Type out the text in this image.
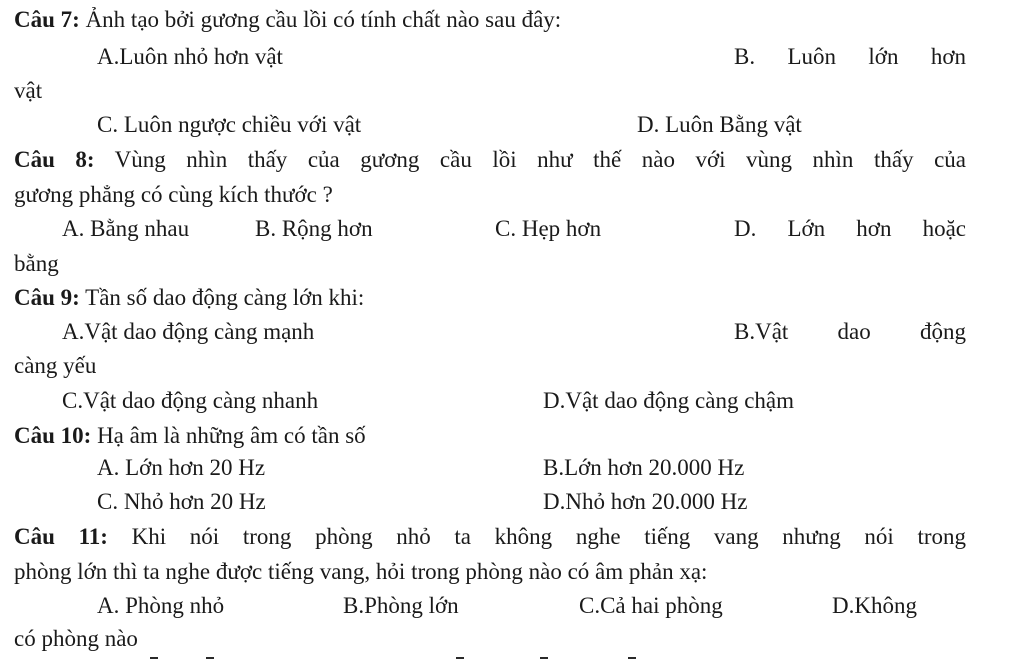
Câu 7: Ảnh tạo bởi gương cầu lồi có tính chất nào sau đây:
A.Luôn nhỏ hơn vật	B. Luôn lớn hơn
vật
C. Luôn ngược chiều với vật	D. Luôn Bằng vật
Câu 8: Vùng nhìn thấy của gương cầu lồi như thế nào với vùng nhìn thấy của
gương phẳng có cùng kích thước ?
A. Bằng nhau	B. Rộng hơn	C. Hẹp hơn	D. Lớn hơn hoặc
bằng
Câu 9: Tần số dao động càng lớn khi:
A.Vật dao động càng mạnh	B.Vật dao động
càng yếu
C.Vật dao động càng nhanh	D.Vật dao động càng chậm
Câu 10: Hạ âm là những âm có tần số
A. Lớn hơn 20 Hz	B.Lớn hơn 20.000 Hz
C. Nhỏ hơn 20 Hz	D.Nhỏ hơn 20.000 Hz
Câu 11: Khi nói trong phòng nhỏ ta không nghe tiếng vang nhưng nói trong
phòng lớn thì ta nghe được tiếng vang, hỏi trong phòng nào có âm phản xạ:
A. Phòng nhỏ	B.Phòng lớn	C.Cả hai phòng	D.Không
có phòng nào
